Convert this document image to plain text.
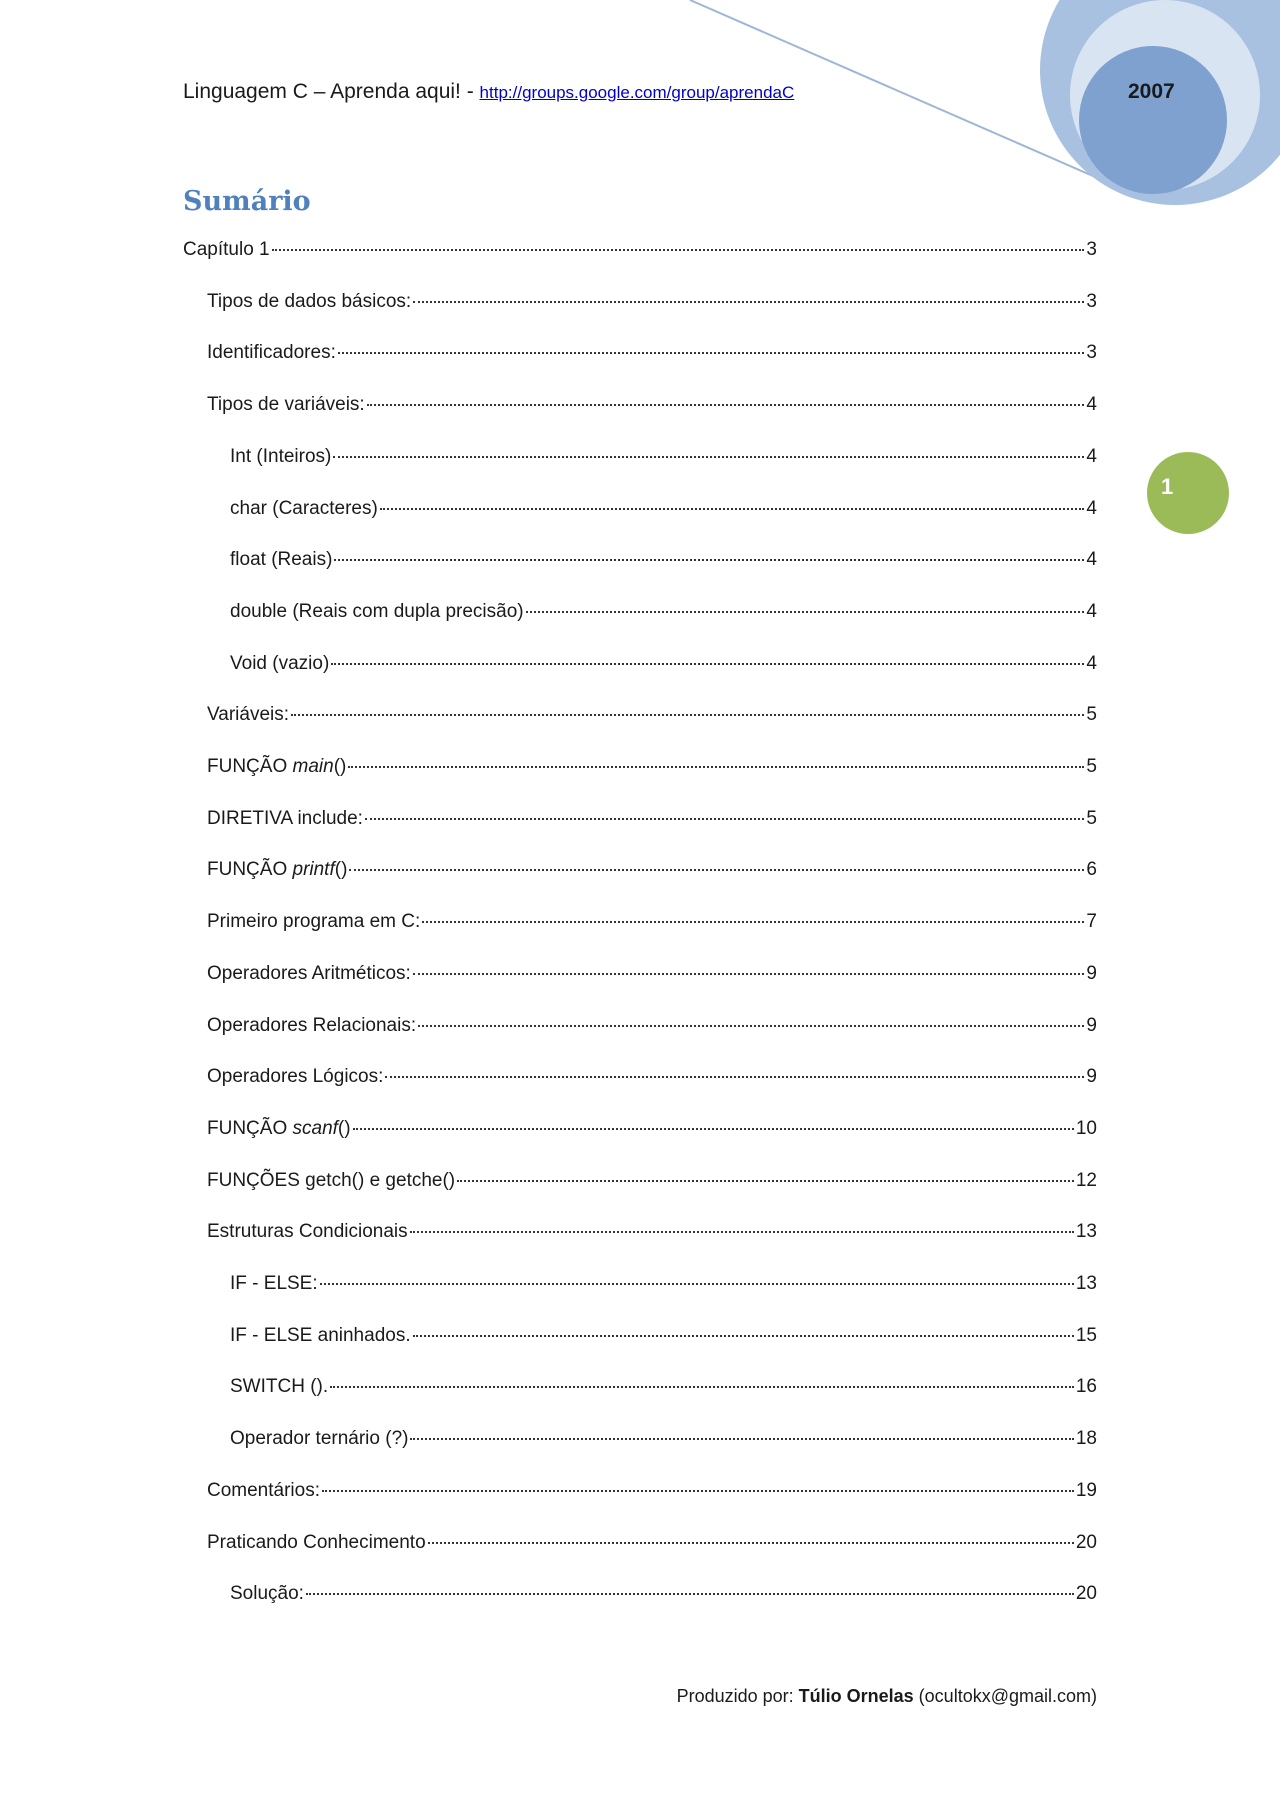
Linguagem C – Aprenda aqui! - http://groups.google.com/group/aprendaC	2007
1
Sumário
Capítulo 1	3
Tipos de dados básicos:	3
Identificadores:	3
Tipos de variáveis:	4
Int (Inteiros)	4
char (Caracteres)	4
float (Reais)	4
double (Reais com dupla precisão)	4
Void (vazio)	4
Variáveis:	5
FUNÇÃO main()	5
DIRETIVA include:	5
FUNÇÃO printf()	6
Primeiro programa em C:	7
Operadores Aritméticos:	9
Operadores Relacionais:	9
Operadores Lógicos:	9
FUNÇÃO scanf()	10
FUNÇÕES getch() e getche()	12
Estruturas Condicionais	13
IF - ELSE:	13
IF - ELSE aninhados.	15
SWITCH ().	16
Operador ternário (?)	18
Comentários:	19
Praticando Conhecimento	20
Solução:	20
Produzido por: Túlio Ornelas (ocultokx@gmail.com)
